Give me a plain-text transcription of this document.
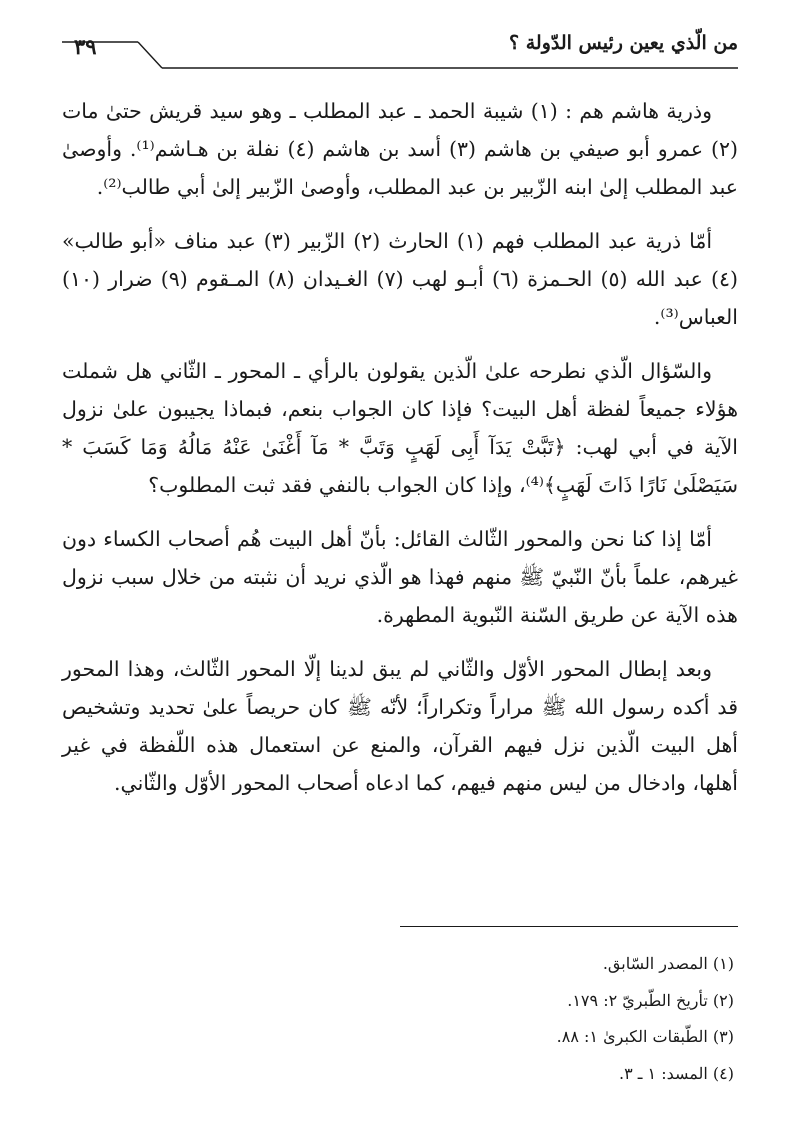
من الّذي يعين رئيس الدّولة ؟
٣٩

وذرية هاشم هم : (١) شيبة الحمد ـ عبد المطلب ـ وهو سيد قريش حتىٰ مات (٢) عمرو أبو صيفي بن هاشم (٣) أسد بن هاشم (٤) نفلة بن هـاشم⁽¹⁾. وأوصىٰ عبد المطلب إلىٰ ابنه الزّبير بن عبد المطلب، وأوصىٰ الزّبير إلىٰ أبي طالب⁽²⁾.

أمّا ذرية عبد المطلب فهم (١) الحارث (٢) الزّبير (٣) عبد مناف «أبو طالب» (٤) عبد الله (٥) الحـمزة (٦) أبـو لهب (٧) الغـيدان (٨) المـقوم (٩) ضرار (١٠) العباس⁽³⁾.

والسّؤال الّذي نطرحه علىٰ الّذين يقولون بالرأي ـ المحور ـ الثّاني هل شملت هؤلاء جميعاً لفظة أهل البيت؟ فإذا كان الجواب بنعم، فبماذا يجيبون علىٰ نزول الآية في أبي لهب: ﴿تَبَّتْ يَدَآ أَبِى لَهَبٍ وَتَبَّ * مَآ أَغْنَىٰ عَنْهُ مَالُهُ وَمَا كَسَبَ * سَيَصْلَىٰ نَارًا ذَاتَ لَهَبٍ﴾⁽⁴⁾، وإذا كان الجواب بالنفي فقد ثبت المطلوب؟

أمّا إذا كنا نحن والمحور الثّالث القائل: بأنّ أهل البيت هُم أصحاب الكساء دون غيرهم، علماً بأنّ النّبيّ ﷺ منهم فهذا هو الّذي نريد أن نثبته من خلال سبب نزول هذه الآية عن طريق السّنة النّبوية المطهرة.

وبعد إبطال المحور الأوّل والثّاني لم يبق لدينا إلّا المحور الثّالث، وهذا المحور قد أكده رسول الله ﷺ مراراً وتكراراً؛ لأنّه ﷺ كان حريصاً علىٰ تحديد وتشخيص أهل البيت الّذين نزل فيهم القرآن، والمنع عن استعمال هذه اللّفظة في غير أهلها، وادخال من ليس منهم فيهم، كما ادعاه أصحاب المحور الأوّل والثّاني.

(١) المصدر السّابق.

(٢) تأريخ الطّبريّ ٢: ١٧٩.

(٣) الطّبقات الكبرىٰ ١: ٨٨.

(٤) المسد: ١ ـ ٣.
